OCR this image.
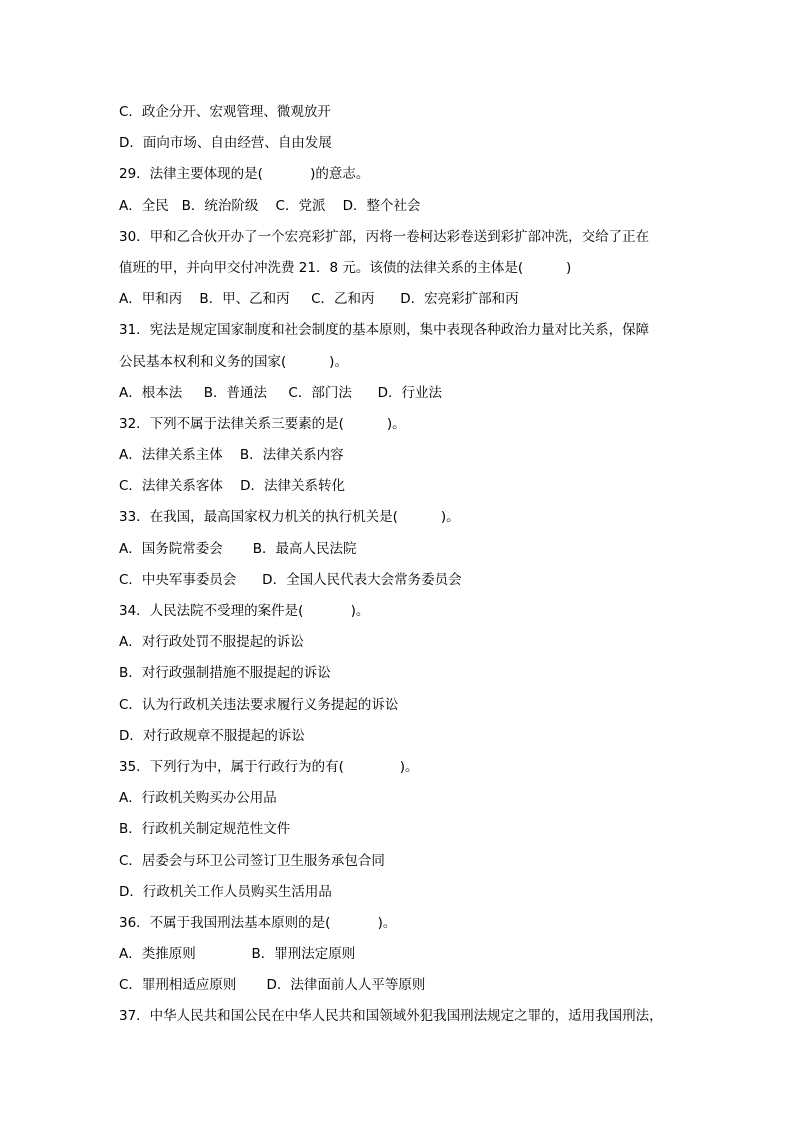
C．政企分开、宏观管理、微观放开
D．面向市场、自由经营、自由发展
29．法律主要体现的是(           )的意志。
A．全民   B．统治阶级    C．党派    D．整个社会
30．甲和乙合伙开办了一个宏亮彩扩部，丙将一卷柯达彩卷送到彩扩部冲洗，交给了正在
值班的甲，并向甲交付冲洗费 21．8 元。该债的法律关系的主体是(          )
A．甲和丙    B．甲、乙和丙     C．乙和丙      D．宏亮彩扩部和丙
31．宪法是规定国家制度和社会制度的基本原则，集中表现各种政治力量对比关系，保障
公民基本权利和义务的国家(          )。
A．根本法     B．普通法     C．部门法      D．行业法
32．下列不属于法律关系三要素的是(          )。
A．法律关系主体    B．法律关系内容
C．法律关系客体    D．法律关系转化
33．在我国，最高国家权力机关的执行机关是(          )。
A．国务院常委会       B．最高人民法院
C．中央军事委员会      D．全国人民代表大会常务委员会
34．人民法院不受理的案件是(           )。
A．对行政处罚不服提起的诉讼
B．对行政强制措施不服提起的诉讼
C．认为行政机关违法要求履行义务提起的诉讼
D．对行政规章不服提起的诉讼
35．下列行为中，属于行政行为的有(             )。
A．行政机关购买办公用品
B．行政机关制定规范性文件
C．居委会与环卫公司签订卫生服务承包合同
D．行政机关工作人员购买生活用品
36．不属于我国刑法基本原则的是(           )。
A．类推原则             B．罪刑法定原则
C．罪刑相适应原则       D．法律面前人人平等原则
37．中华人民共和国公民在中华人民共和国领域外犯我国刑法规定之罪的，适用我国刑法，
